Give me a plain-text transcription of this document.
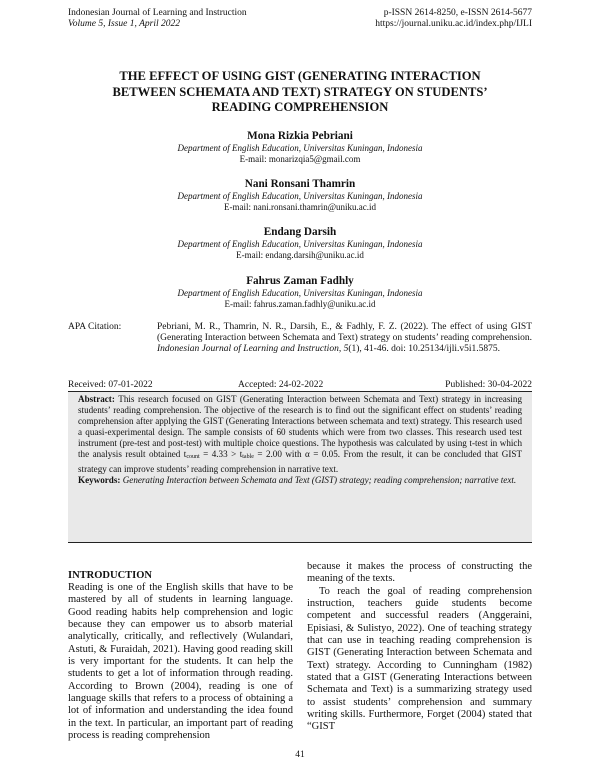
Indonesian Journal of Learning and Instruction
Volume 5, Issue 1, April 2022
p-ISSN 2614-8250, e-ISSN 2614-5677
https://journal.uniku.ac.id/index.php/IJLI
THE EFFECT OF USING GIST (GENERATING INTERACTION
BETWEEN SCHEMATA AND TEXT) STRATEGY ON STUDENTS’
READING COMPREHENSION
Mona Rizkia Pebriani
Department of English Education, Universitas Kuningan, Indonesia
E-mail: monarizqia5@gmail.com
Nani Ronsani Thamrin
Department of English Education, Universitas Kuningan, Indonesia
E-mail: nani.ronsani.thamrin@uniku.ac.id
Endang Darsih
Department of English Education, Universitas Kuningan, Indonesia
E-mail: endang.darsih@uniku.ac.id
Fahrus Zaman Fadhly
Department of English Education, Universitas Kuningan, Indonesia
E-mail: fahrus.zaman.fadhly@uniku.ac.id
APA Citation:	Pebriani, M. R., Thamrin, N. R., Darsih, E., & Fadhly, F. Z. (2022). The effect of using GIST (Generating Interaction between Schemata and Text) strategy on students’ reading comprehension. Indonesian Journal of Learning and Instruction, 5(1), 41-46. doi: 10.25134/ijli.v5i1.5875.
Received: 07-01-2022	Accepted: 24-02-2022	Published: 30-04-2022
Abstract: This research focused on GIST (Generating Interaction between Schemata and Text) strategy in increasing students’ reading comprehension. The objective of the research is to find out the significant effect on students’ reading comprehension after applying the GIST (Generating Interactions between schemata and text) strategy. This research used a quasi-experimental design. The sample consists of 60 students which were from two classes. This research used test instrument (pre-test and post-test) with multiple choice questions. The hypothesis was calculated by using t-test in which the analysis result obtained tcount = 4.33 > ttable = 2.00 with α = 0.05. From the result, it can be concluded that GIST strategy can improve students’ reading comprehension in narrative text.
Keywords: Generating Interaction between Schemata and Text (GIST) strategy; reading comprehension; narrative text.
INTRODUCTION
Reading is one of the English skills that have to be mastered by all of students in learning language. Good reading habits help comprehension and logic because they can empower us to absorb material analytically, critically, and reflectively (Wulandari, Astuti, & Furaidah, 2021). Having good reading skill is very important for the students. It can help the students to get a lot of information through reading. According to Brown (2004), reading is one of language skills that refers to a process of obtaining a lot of information and understanding the idea found in the text. In particular, an important part of reading process is reading comprehension
because it makes the process of constructing the meaning of the texts.
To reach the goal of reading comprehension instruction, teachers guide students become competent and successful readers (Anggeraini, Episiasi, & Sulistyo, 2022). One of teaching strategy that can use in teaching reading comprehension is GIST (Generating Interaction between Schemata and Text) strategy. According to Cunningham (1982) stated that a GIST (Generating Interactions between Schemata and Text) is a summarizing strategy used to assist students’ comprehension and summary writing skills. Furthermore, Forget (2004) stated that “GIST
41
